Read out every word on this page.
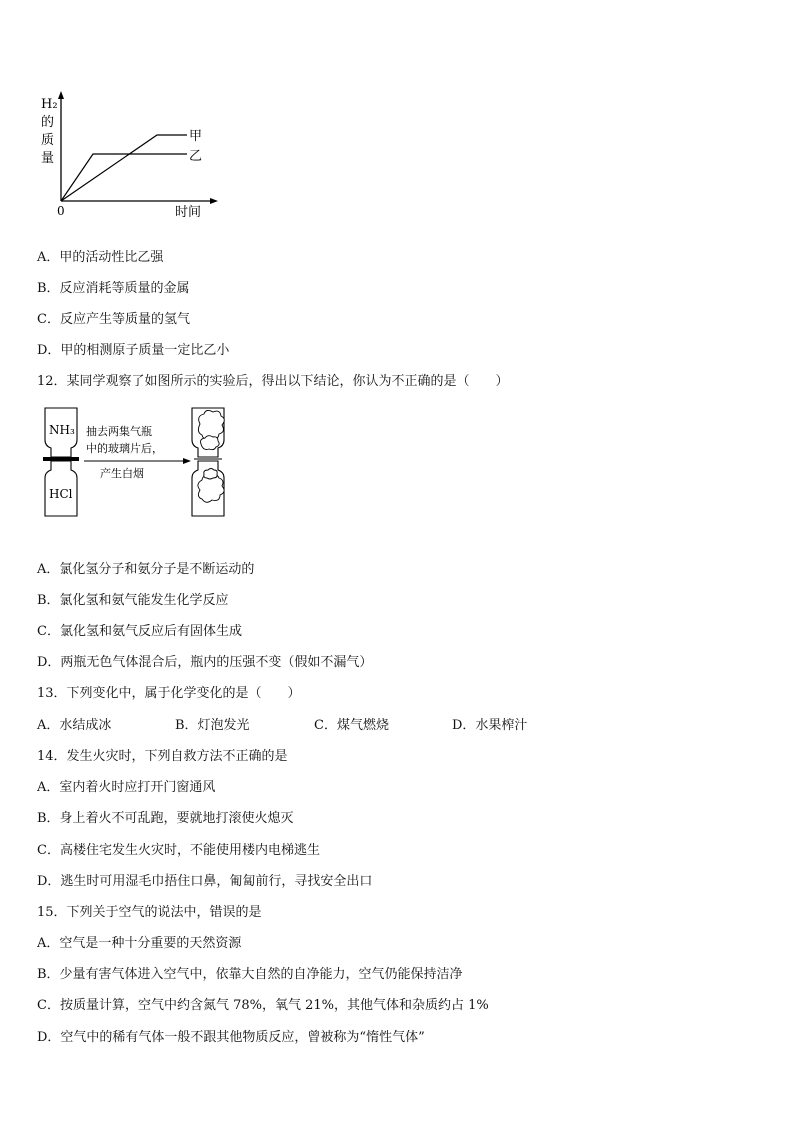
H₂
的
质
量
0	时间
甲
乙
A．甲的活动性比乙强
B．反应消耗等质量的金属
C．反应产生等质量的氢气
D．甲的相测原子质量一定比乙小
12．某同学观察了如图所示的实验后，得出以下结论，你认为不正确的是（　　）
NH₃
HCl
抽去两集气瓶
中的玻璃片后，
产生白烟
A．氯化氢分子和氨分子是不断运动的
B．氯化氢和氨气能发生化学反应
C．氯化氢和氨气反应后有固体生成
D．两瓶无色气体混合后，瓶内的压强不变（假如不漏气）
13．下列变化中，属于化学变化的是（　　）
A．水结成冰	B．灯泡发光	C．煤气燃烧	D．水果榨汁
14．发生火灾时，下列自救方法不正确的是
A．室内着火时应打开门窗通风
B．身上着火不可乱跑，要就地打滚使火熄灭
C．高楼住宅发生火灾时，不能使用楼内电梯逃生
D．逃生时可用湿毛巾捂住口鼻，匍匐前行，寻找安全出口
15．下列关于空气的说法中，错误的是
A．空气是一种十分重要的天然资源
B．少量有害气体进入空气中，依靠大自然的自净能力，空气仍能保持洁净
C．按质量计算，空气中约含氮气 78%，氧气 21%，其他气体和杂质约占 1%
D．空气中的稀有气体一般不跟其他物质反应，曾被称为“惰性气体”
